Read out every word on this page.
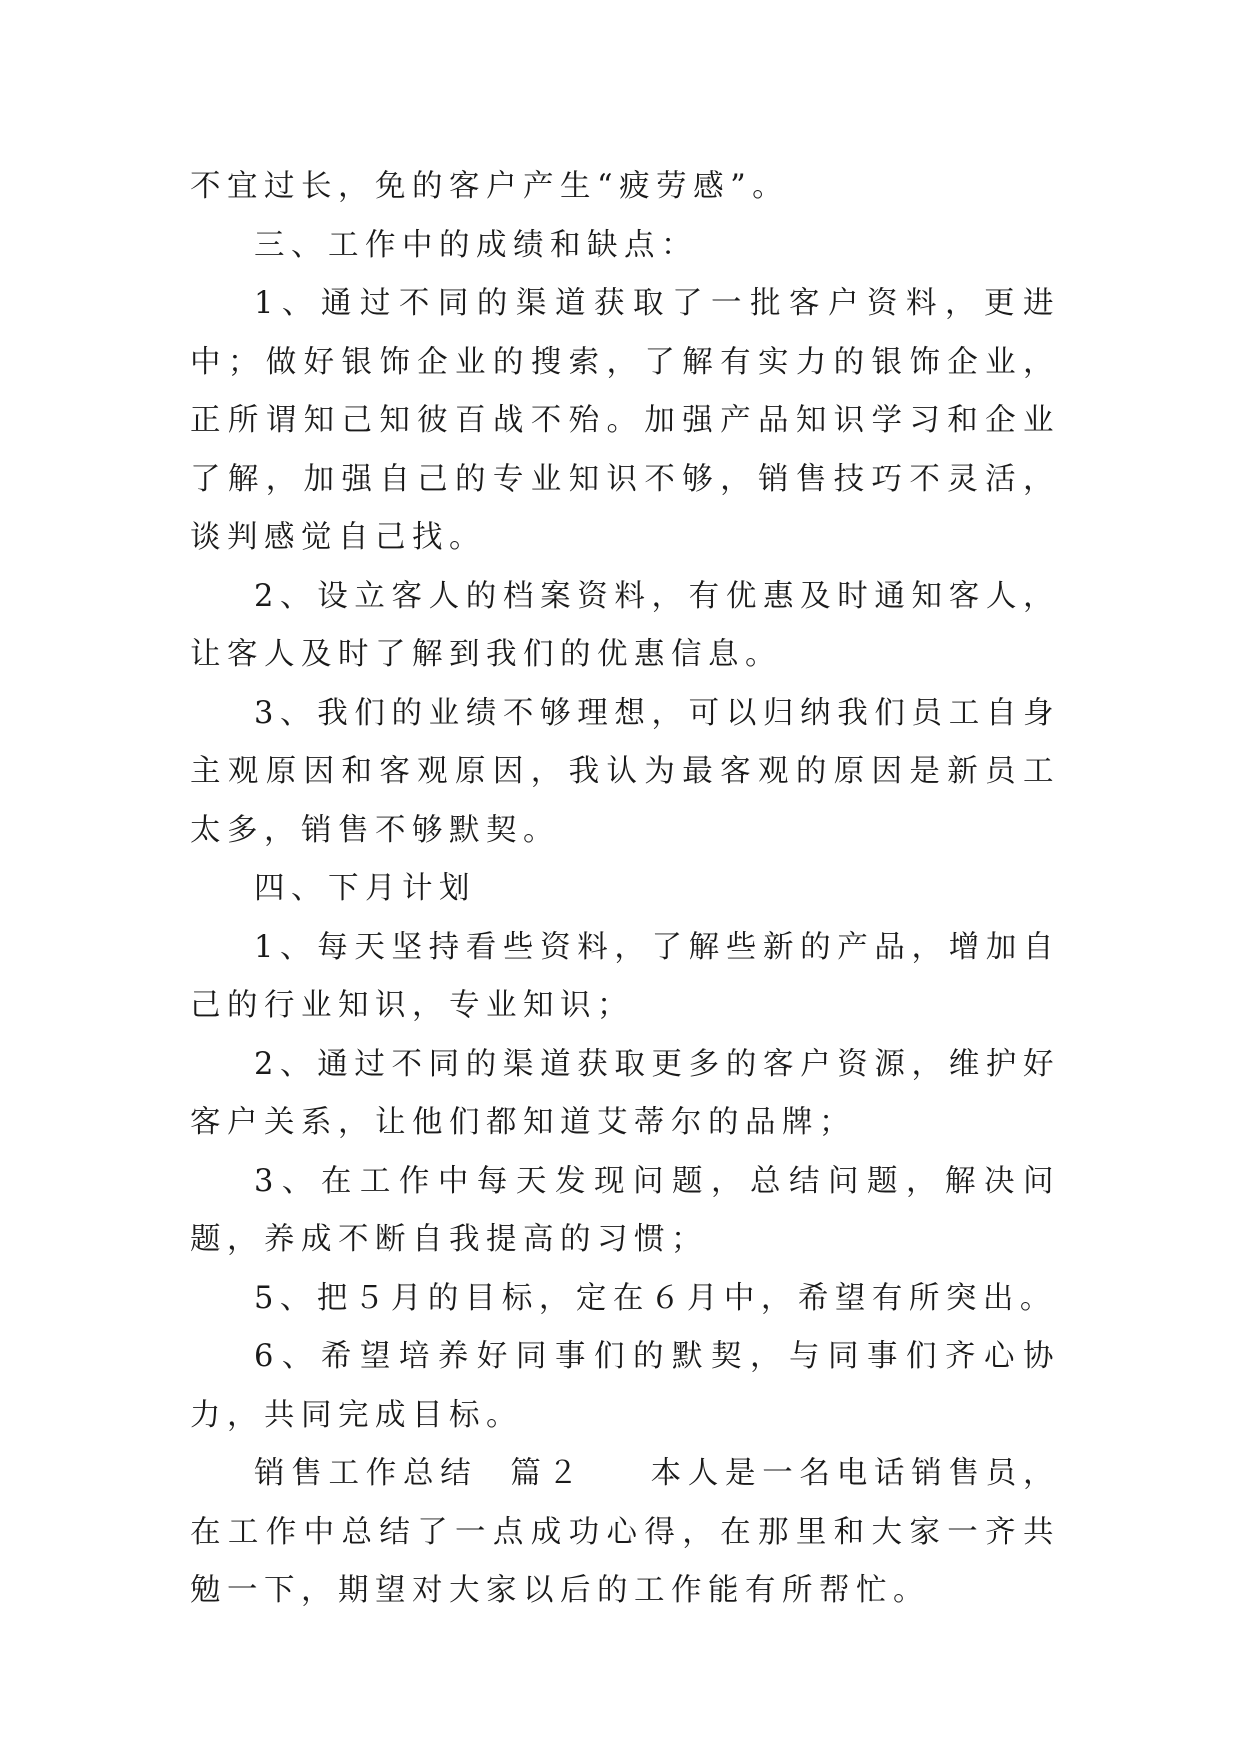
不宜过长，免的客户产生“疲劳感”。

三、工作中的成绩和缺点：

1、通过不同的渠道获取了一批客户资料，更进中；做好银饰企业的搜索，了解有实力的银饰企业，正所谓知己知彼百战不殆。加强产品知识学习和企业了解，加强自己的专业知识不够，销售技巧不灵活，谈判感觉自己找。

2、设立客人的档案资料，有优惠及时通知客人，让客人及时了解到我们的优惠信息。

3、我们的业绩不够理想，可以归纳我们员工自身主观原因和客观原因，我认为最客观的原因是新员工太多，销售不够默契。

四、下月计划

1、每天坚持看些资料，了解些新的产品，增加自己的行业知识，专业知识；

2、通过不同的渠道获取更多的客户资源，维护好客户关系，让他们都知道艾蒂尔的品牌；

3、在工作中每天发现问题，总结问题，解决问题，养成不断自我提高的习惯；

5、把５月的目标，定在６月中，希望有所突出。

6、希望培养好同事们的默契，与同事们齐心协力，共同完成目标。

销售工作总结  篇２    本人是一名电话销售员，在工作中总结了一点成功心得，在那里和大家一齐共勉一下，期望对大家以后的工作能有所帮忙。
